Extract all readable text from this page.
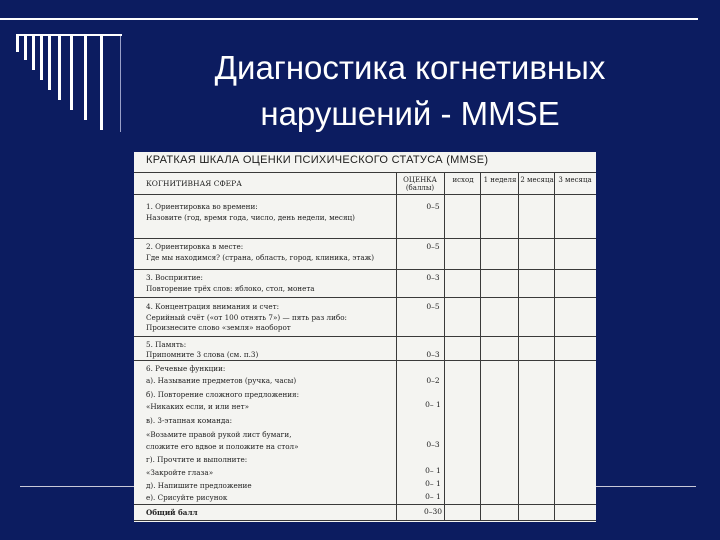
Диагностика когнетивных
нарушений - MMSE
КРАТКАЯ ШКАЛА ОЦЕНКИ ПСИХИЧЕСКОГО СТАТУСА (MMSE)
КОГНИТИВНАЯ СФЕРА	ОЦЕНКА (баллы)
исход	1 неделя 2 месяца 3 месяца
1. Ориентировка во времени:	0–5
Назовите (год, время года, число, день недели, месяц)
2. Ориентировка в месте:	0–5
Где мы находимся? (страна, область, город, клиника, этаж)
3. Восприятие:	0–3
Повторение трёх слов: яблоко, стол, монета
4. Концентрация внимания и счет:	0–5
Серийный счёт («от 100 отнять 7») — пять раз либо:
Произнесите слово «земля» наоборот
5. Память:
Припомните 3 слова (см. п.3)	0–3
6. Речевые функции:
а). Называние предметов (ручка, часы)	0–2
б). Повторение сложного предложения:
«Никаких если, и или нет»	0– 1
в). 3-этапная команда:
«Возьмите правой рукой лист бумаги,
сложите его вдвое и положите на стол»	0–3
г). Прочтите и выполните:
«Закройте глаза»	0– 1
д). Напишите предложение	0– 1
е). Срисуйте рисунок	0– 1
Общий балл	0–30
